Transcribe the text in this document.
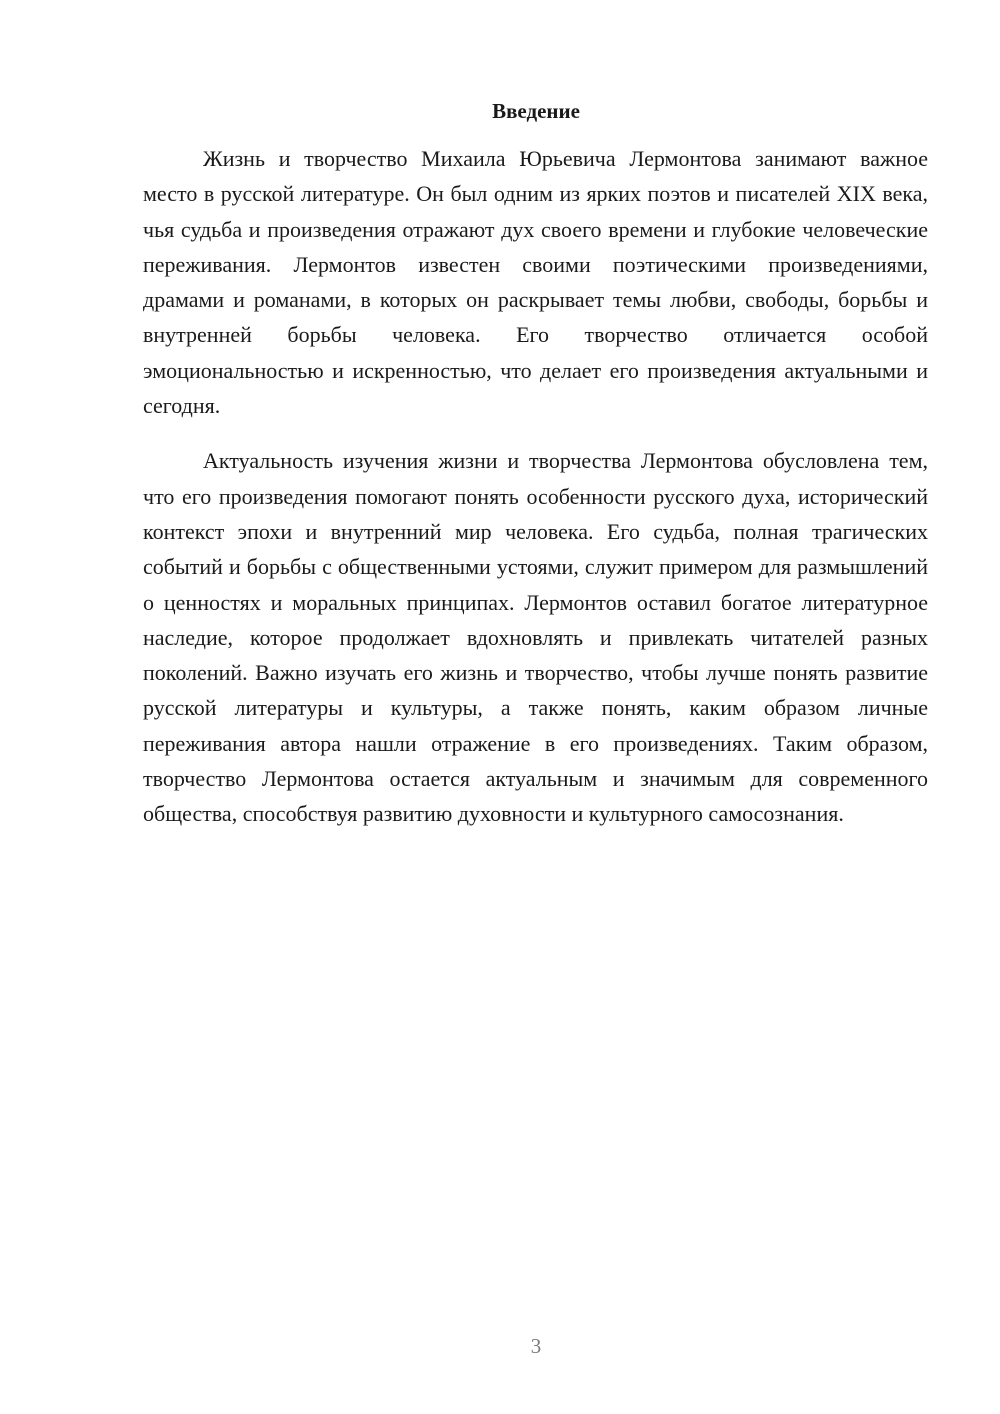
Введение

Жизнь и творчество Михаила Юрьевича Лермонтова занимают важное место в русской литературе. Он был одним из ярких поэтов и писателей XIX века, чья судьба и произведения отражают дух своего времени и глубокие человеческие переживания. Лермонтов известен своими поэтическими произведениями, драмами и романами, в которых он раскрывает темы любви, свободы, борьбы и внутренней борьбы человека. Его творчество отличается особой эмоциональностью и искренностью, что делает его произведения актуальными и сегодня.

Актуальность изучения жизни и творчества Лермонтова обусловлена тем, что его произведения помогают понять особенности русского духа, исторический контекст эпохи и внутренний мир человека. Его судьба, полная трагических событий и борьбы с общественными устоями, служит примером для размышлений о ценностях и моральных принципах. Лермонтов оставил богатое литературное наследие, которое продолжает вдохновлять и привлекать читателей разных поколений. Важно изучать его жизнь и творчество, чтобы лучше понять развитие русской литературы и культуры, а также понять, каким образом личные переживания автора нашли отражение в его произведениях. Таким образом, творчество Лермонтова остается актуальным и значимым для современного общества, способствуя развитию духовности и культурного самосознания.

3
